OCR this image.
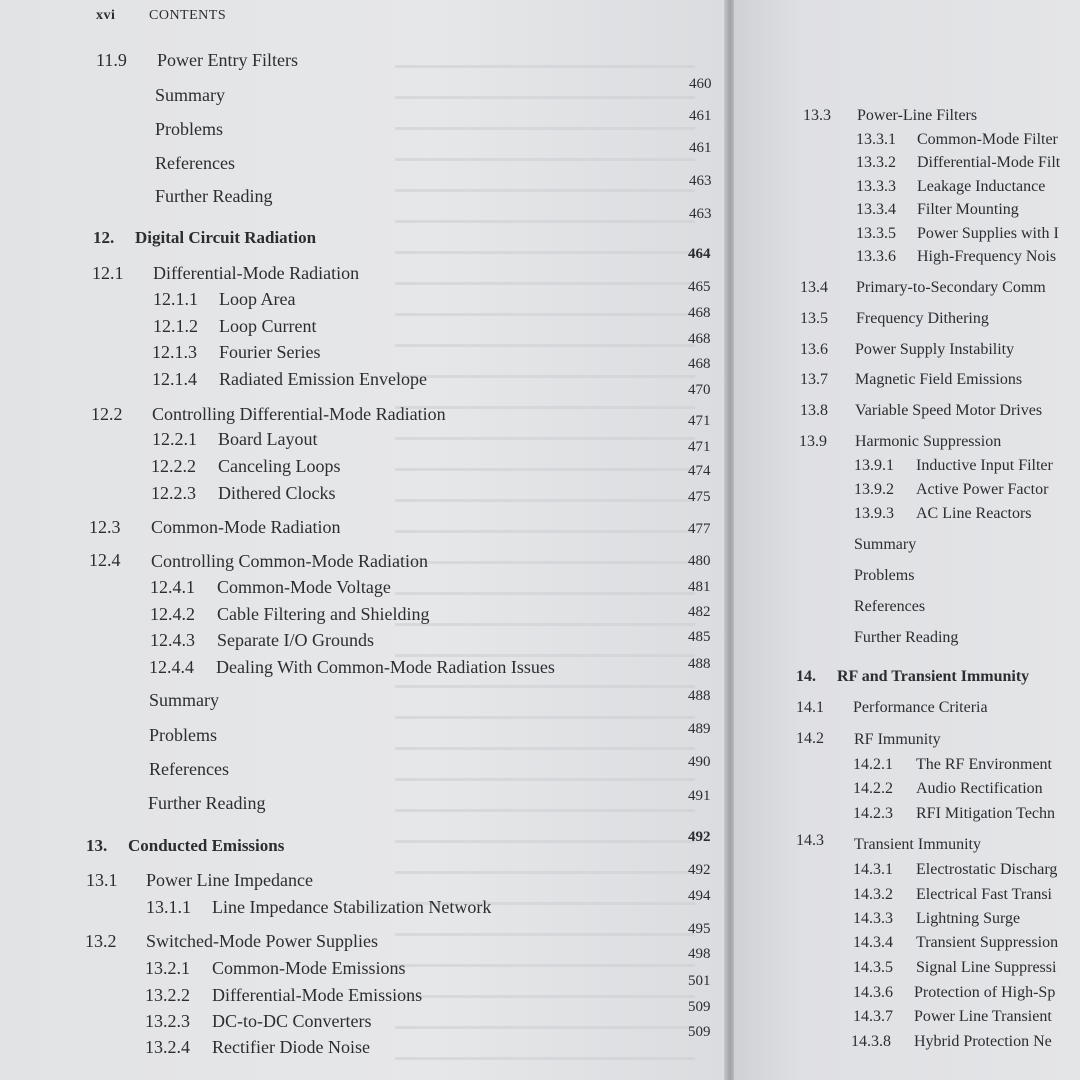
xvi CONTENTS
11.9 Power Entry Filters
Summary
Problems
References
Further Reading
12. Digital Circuit Radiation
12.1 Differential-Mode Radiation
12.1.1 Loop Area
12.1.2 Loop Current
12.1.3 Fourier Series
12.1.4 Radiated Emission Envelope
12.2 Controlling Differential-Mode Radiation
12.2.1 Board Layout
12.2.2 Canceling Loops
12.2.3 Dithered Clocks
12.3 Common-Mode Radiation
12.4 Controlling Common-Mode Radiation
12.4.1 Common-Mode Voltage
12.4.2 Cable Filtering and Shielding
12.4.3 Separate I/O Grounds
12.4.4 Dealing With Common-Mode Radiation Issues
Summary
Problems
References
Further Reading
13. Conducted Emissions
13.1 Power Line Impedance
13.1.1 Line Impedance Stabilization Network
13.2 Switched-Mode Power Supplies
13.2.1 Common-Mode Emissions
13.2.2 Differential-Mode Emissions
13.2.3 DC-to-DC Converters
13.2.4 Rectifier Diode Noise
460
461
461
463
463
464
465
468
468
468
470
471
471
474
475
477
480
481
482
485
488
488
489
490
491
492
492
494
495
498
501
509
509
13.3 Power-Line Filters
13.3.1 Common-Mode Filter
13.3.2 Differential-Mode Filt
13.3.3 Leakage Inductance
13.3.4 Filter Mounting
13.3.5 Power Supplies with I
13.3.6 High-Frequency Nois
13.4 Primary-to-Secondary Comm
13.5 Frequency Dithering
13.6 Power Supply Instability
13.7 Magnetic Field Emissions
13.8 Variable Speed Motor Drives
13.9 Harmonic Suppression
13.9.1 Inductive Input Filter
13.9.2 Active Power Factor
13.9.3 AC Line Reactors
Summary
Problems
References
Further Reading
14. RF and Transient Immunity
14.1 Performance Criteria
14.2 RF Immunity
14.2.1 The RF Environment
14.2.2 Audio Rectification
14.2.3 RFI Mitigation Techn
14.3 Transient Immunity
14.3.1 Electrostatic Discharg
14.3.2 Electrical Fast Transi
14.3.3 Lightning Surge
14.3.4 Transient Suppression
14.3.5 Signal Line Suppressi
14.3.6 Protection of High-Sp
14.3.7 Power Line Transient
14.3.8 Hybrid Protection Ne
